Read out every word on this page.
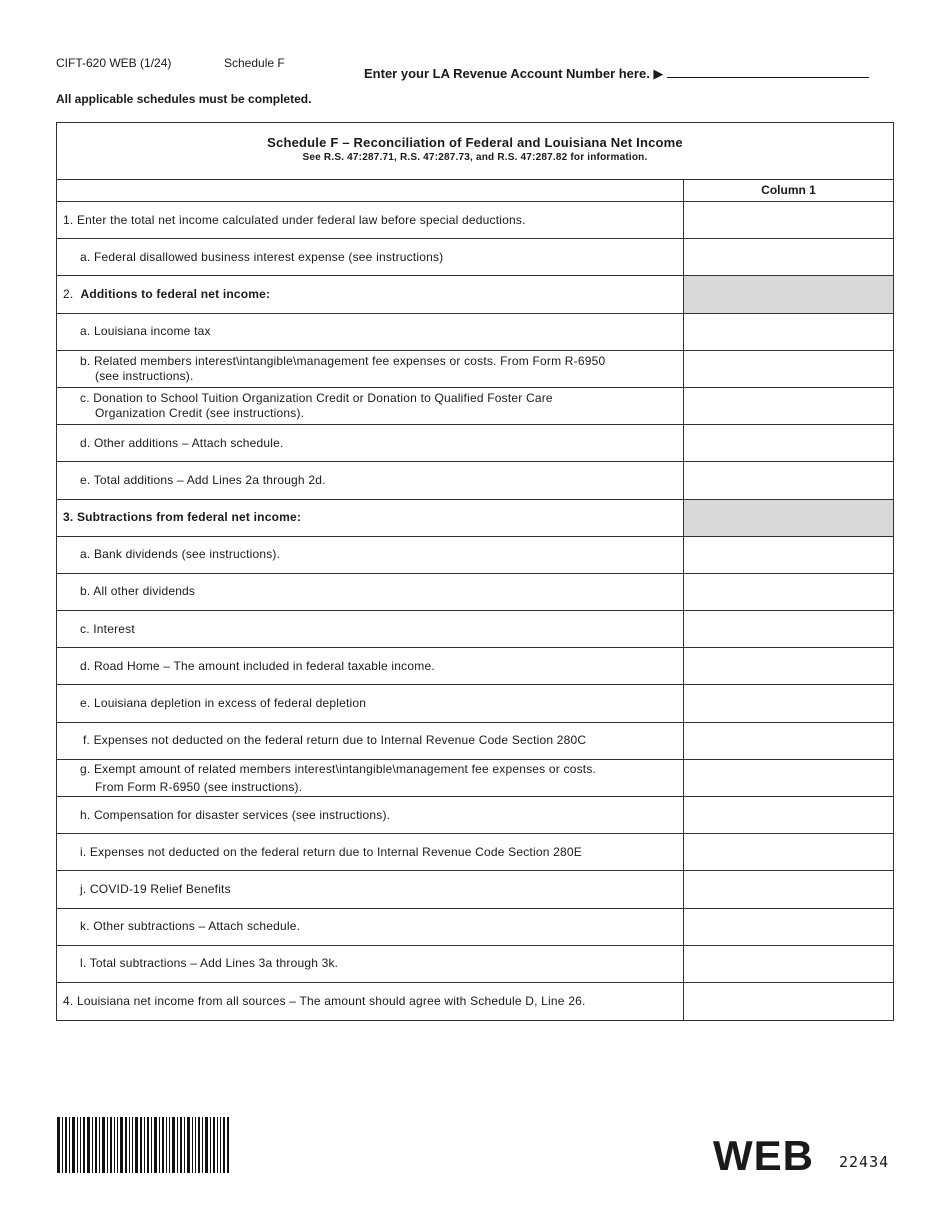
CIFT-620 WEB (1/24)	Schedule F
Enter your LA Revenue Account Number here. ▶
All applicable schedules must be completed.
Schedule F – Reconciliation of Federal and Louisiana Net Income
See R.S. 47:287.71, R.S. 47:287.73, and R.S. 47:287.82 for information.
Column 1
1. Enter the total net income calculated under federal law before special deductions.
a. Federal disallowed business interest expense (see instructions)
2.
Additions to federal net income:
a. Louisiana income tax
b. Related members interest\intangible\management fee expenses or costs. From Form R-6950
(see instructions).
c. Donation to School Tuition Organization Credit or Donation to Qualified Foster Care
Organization Credit (see instructions).
d. Other additions – Attach schedule.
e. Total additions – Add Lines 2a through 2d.
3. Subtractions from federal net income:
a. Bank dividends (see instructions).
b. All other dividends
c. Interest
d. Road Home – The amount included in federal taxable income.
e. Louisiana depletion in excess of federal depletion
f. Expenses not deducted on the federal return due to Internal Revenue Code Section 280C
g. Exempt amount of related members interest\intangible\management fee expenses or costs.
From Form R-6950 (see instructions).
h. Compensation for disaster services (see instructions).
i. Expenses not deducted on the federal return due to Internal Revenue Code Section 280E
j. COVID-19 Relief Benefits
k. Other subtractions – Attach schedule.
l. Total subtractions – Add Lines 3a through 3k.
4. Louisiana net income from all sources – The amount should agree with Schedule D, Line 26.
WEB 22434
